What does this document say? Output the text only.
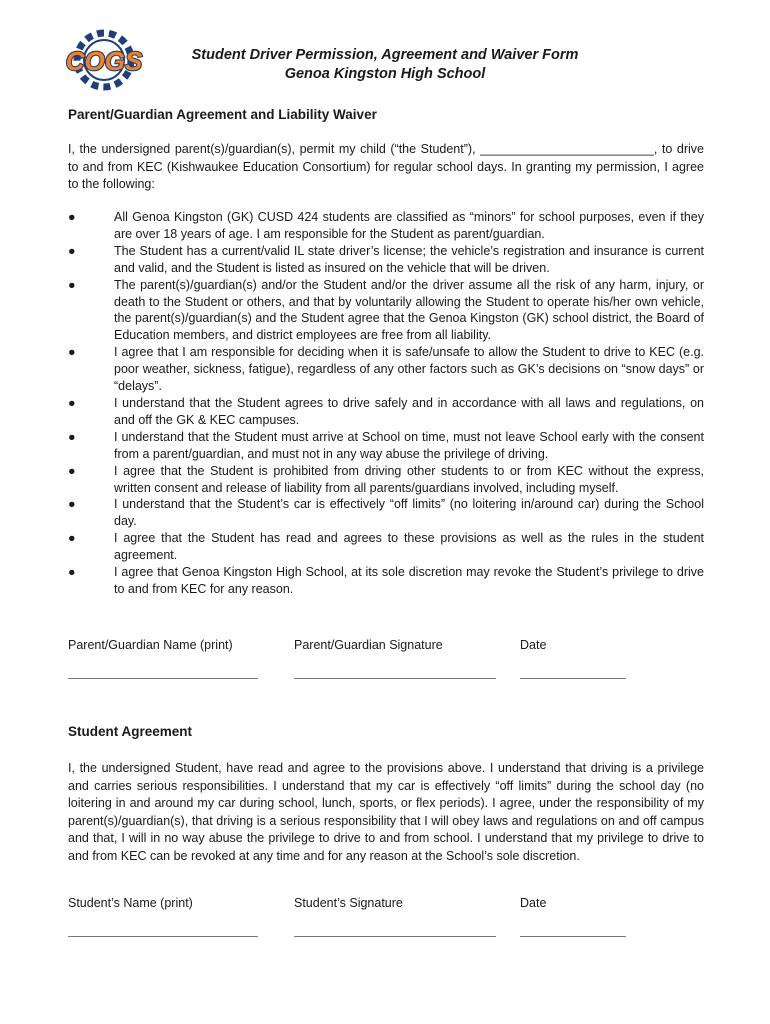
COGS	Student Driver Permission, Agreement and Waiver Form

Genoa Kingston High School

Parent/Guardian Agreement and Liability Waiver

I, the undersigned parent(s)/guardian(s), permit my child (“the Student”), _________________________, to drive to and from KEC (Kishwaukee Education Consortium) for regular school days. In granting my permission, I agree to the following:

●	All Genoa Kingston (GK) CUSD 424 students are classified as “minors” for school purposes, even if they are over 18 years of age. I am responsible for the Student as parent/guardian.
●	The Student has a current/valid IL state driver’s license; the vehicle’s registration and insurance is current and valid, and the Student is listed as insured on the vehicle that will be driven.
●	The parent(s)/guardian(s) and/or the Student and/or the driver assume all the risk of any harm, injury, or death to the Student or others, and that by voluntarily allowing the Student to operate his/her own vehicle, the parent(s)/guardian(s) and the Student agree that the Genoa Kingston (GK) school district, the Board of Education members, and district employees are free from all liability.
●	I agree that I am responsible for deciding when it is safe/unsafe to allow the Student to drive to KEC (e.g. poor weather, sickness, fatigue), regardless of any other factors such as GK’s decisions on “snow days” or “delays”.
●	I understand that the Student agrees to drive safely and in accordance with all laws and regulations, on and off the GK & KEC campuses.
●	I understand that the Student must arrive at School on time, must not leave School early with the consent from a parent/guardian, and must not in any way abuse the privilege of driving.
●	I agree that the Student is prohibited from driving other students to or from KEC without the express, written consent and release of liability from all parents/guardians involved, including myself.
●	I understand that the Student’s car is effectively “off limits” (no loitering in/around car) during the School day.
●	I agree that the Student has read and agrees to these provisions as well as the rules in the student agreement.
●	I agree that Genoa Kingston High School, at its sole discretion may revoke the Student’s privilege to drive to and from KEC for any reason.

Parent/Guardian Name (print)	Parent/Guardian Signature	Date

Student Agreement

I, the undersigned Student, have read and agree to the provisions above. I understand that driving is a privilege and carries serious responsibilities. I understand that my car is effectively “off limits” during the school day (no loitering in and around my car during school, lunch, sports, or flex periods). I agree, under the responsibility of my parent(s)/guardian(s), that driving is a serious responsibility that I will obey laws and regulations on and off campus and that, I will in no way abuse the privilege to drive to and from school. I understand that my privilege to drive to and from KEC can be revoked at any time and for any reason at the School’s sole discretion.

Student’s Name (print)	Student’s Signature	Date
